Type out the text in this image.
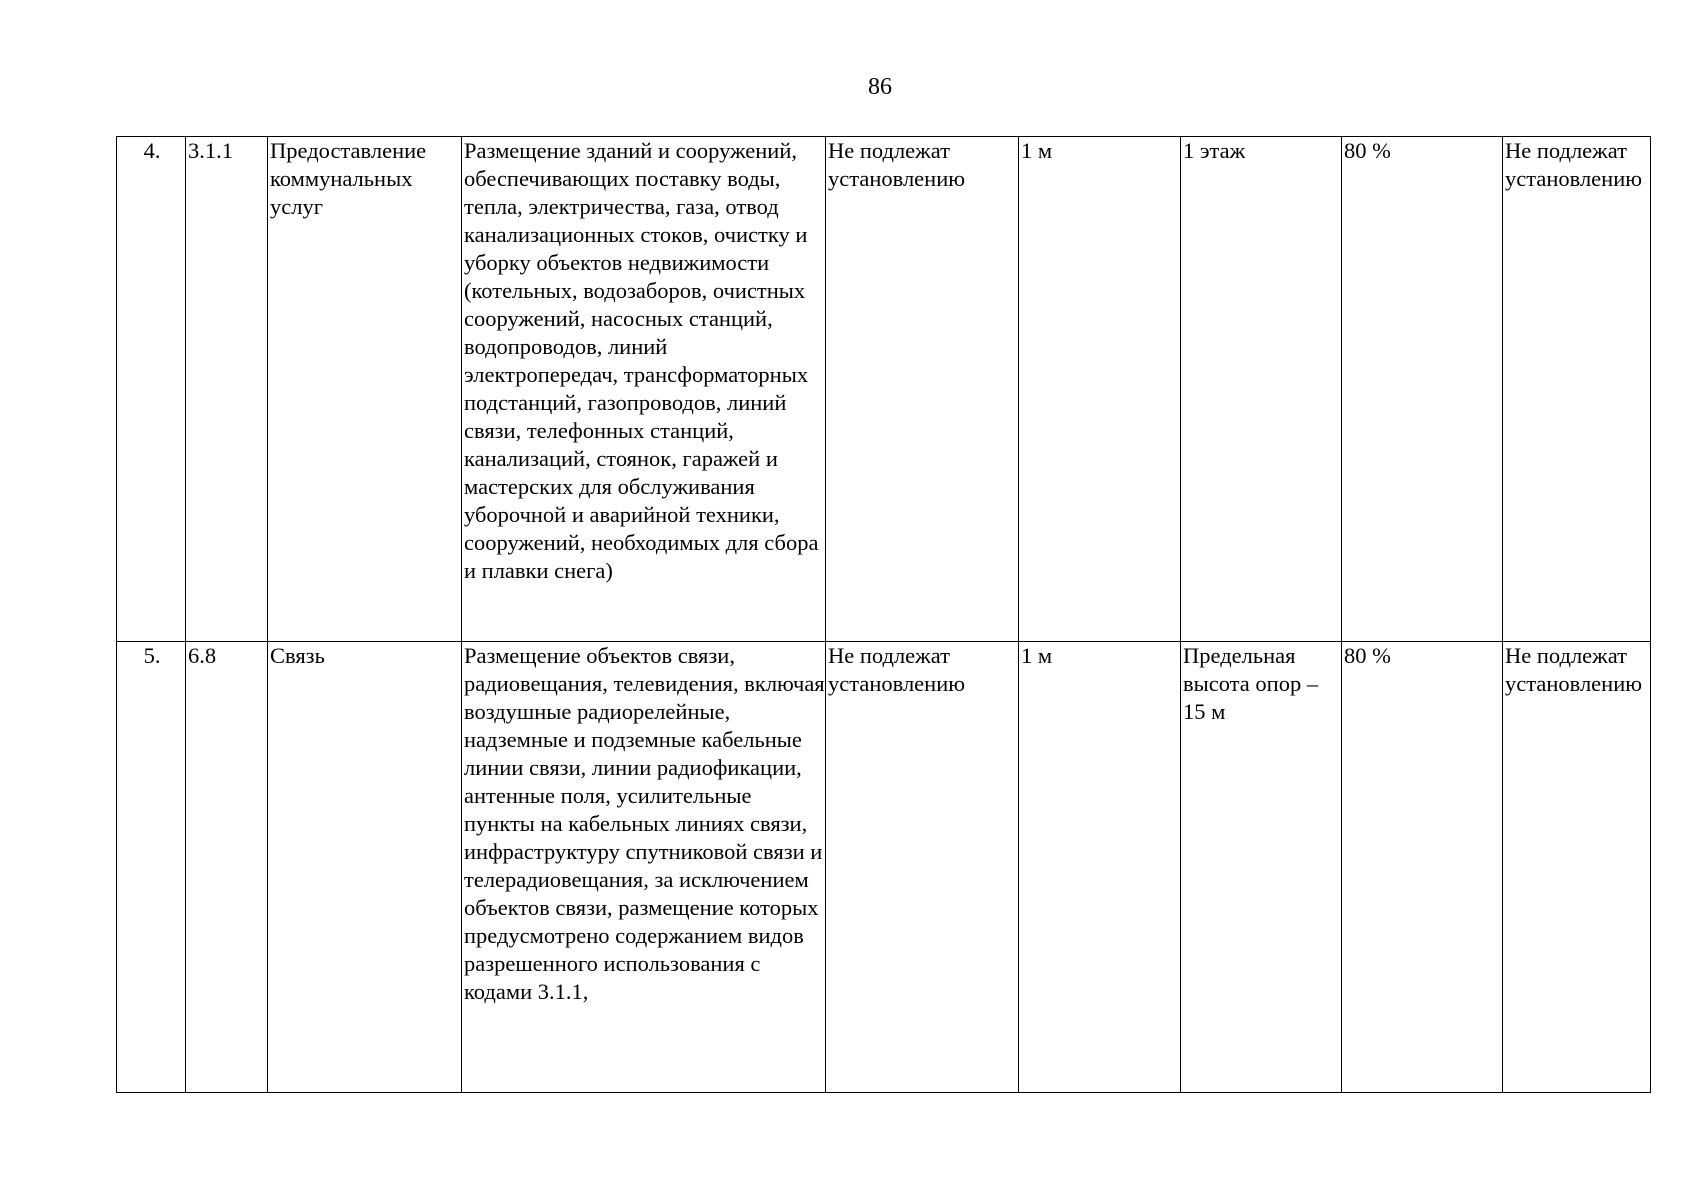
86
4.	3.1.1	Предоставление коммунальных услуг	Размещение зданий и сооружений, обеспечивающих поставку воды, тепла, электричества, газа, отвод канализационных стоков, очистку и уборку объектов недвижимости (котельных, водозаборов, очистных сооружений, насосных станций, водопроводов, линий электропередач, трансформаторных подстанций, газопроводов, линий связи, телефонных станций, канализаций, стоянок, гаражей и мастерских для обслуживания уборочной и аварийной техники, сооружений, необходимых для сбора и плавки снега)	Не подлежат установлению	1 м	1 этаж	80 %	Не подлежат установлению
5.	6.8	Связь	Размещение объектов связи, радиовещания, телевидения, включая воздушные радиорелейные, надземные и подземные кабельные линии связи, линии радиофикации, антенные поля, усилительные пункты на кабельных линиях связи, инфраструктуру спутниковой связи и телерадиовещания, за исключением объектов связи, размещение которых предусмотрено содержанием видов разрешенного использования с кодами 3.1.1,	Не подлежат установлению	1 м	Предельная высота опор – 15 м	80 %	Не подлежат установлению
